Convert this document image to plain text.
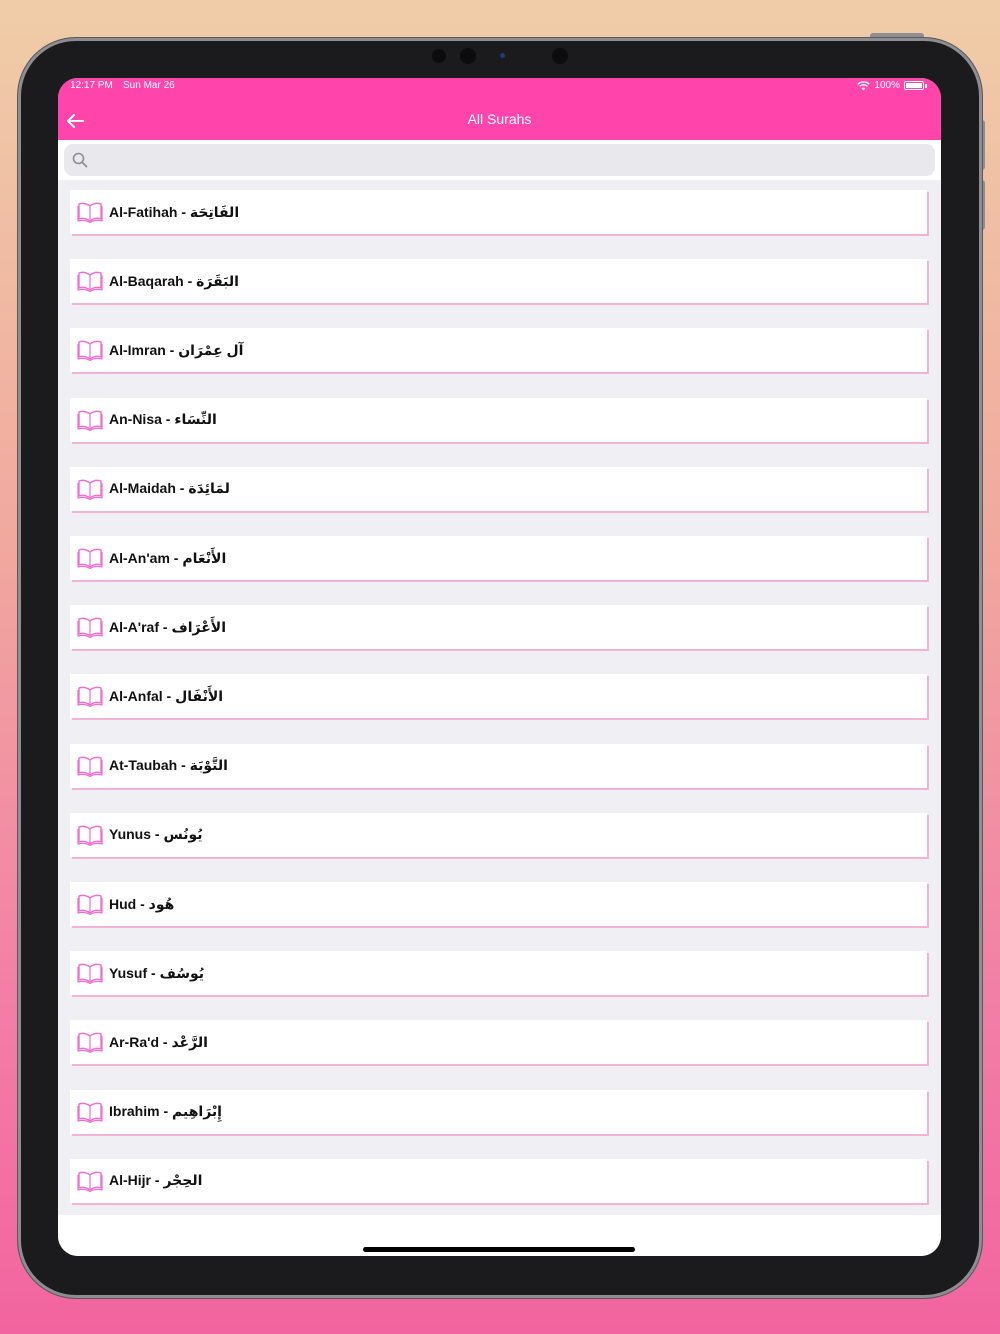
12:17 PM Sun Mar 26	100%
All Surahs
Al-Fatihah - الفَاتِحَة
Al-Baqarah - البَقَرَة
Al-Imran - آل عِمْرَان
An-Nisa - النِّسَاء
Al-Maidah - لمَائِدَة
Al-An'am - الأَنْعَام
Al-A'raf - الأَعْرَاف
Al-Anfal - الأَنْفَال
At-Taubah - التَّوْبَة
Yunus - يُونُس
Hud - هُود
Yusuf - يُوسُف
Ar-Ra'd - الرَّعْد
Ibrahim - إِبْرَاهِيم
Al-Hijr - الحِجْر
